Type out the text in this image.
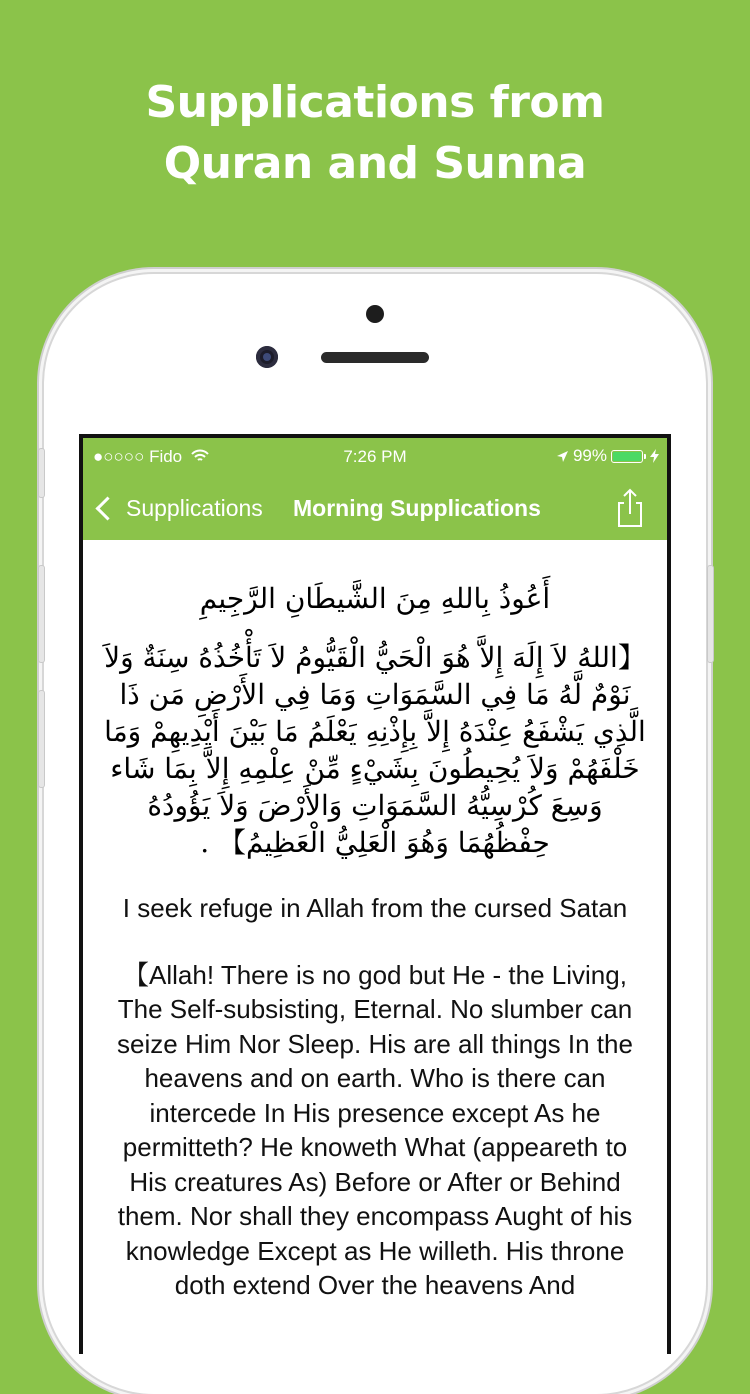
Supplications from
Quran and Sunna
●○○○○ Fido	7:26 PM	99%
Supplications Morning Supplications

أَعُوذُ بِاللهِ مِنَ الشَّيطَانِ الرَّجِيمِ

【اللهُ لاَ إِلَهَ إِلاَّ هُوَ الْحَيُّ الْقَيُّومُ لاَ تَأْخُذُهُ سِنَةٌ وَلاَ نَوْمٌ لَّهُ مَا فِي السَّمَوَاتِ وَمَا فِي الأَرْضِ مَن ذَا الَّذِي يَشْفَعُ عِنْدَهُ إِلاَّ بِإِذْنِهِ يَعْلَمُ مَا بَيْنَ أَيْدِيهِمْ وَمَا خَلْفَهُمْ وَلاَ يُحِيطُونَ بِشَيْءٍ مِّنْ عِلْمِهِ إِلاَّ بِمَا شَاء وَسِعَ كُرْسِيُّهُ السَّمَوَاتِ وَالأَرْضَ وَلاَ يَؤُودُهُ حِفْظُهُمَا وَهُوَ الْعَلِيُّ الْعَظِيمُ】 .

I seek refuge in Allah from the cursed Satan

【Allah! There is no god but He - the Living, The Self-subsisting, Eternal. No slumber can seize Him Nor Sleep. His are all things In the heavens and on earth. Who is there can intercede In His presence except As he permitteth? He knoweth What (appeareth to His creatures As) Before or After or Behind them. Nor shall they encompass Aught of his knowledge Except as He willeth. His throne doth extend Over the heavens And
